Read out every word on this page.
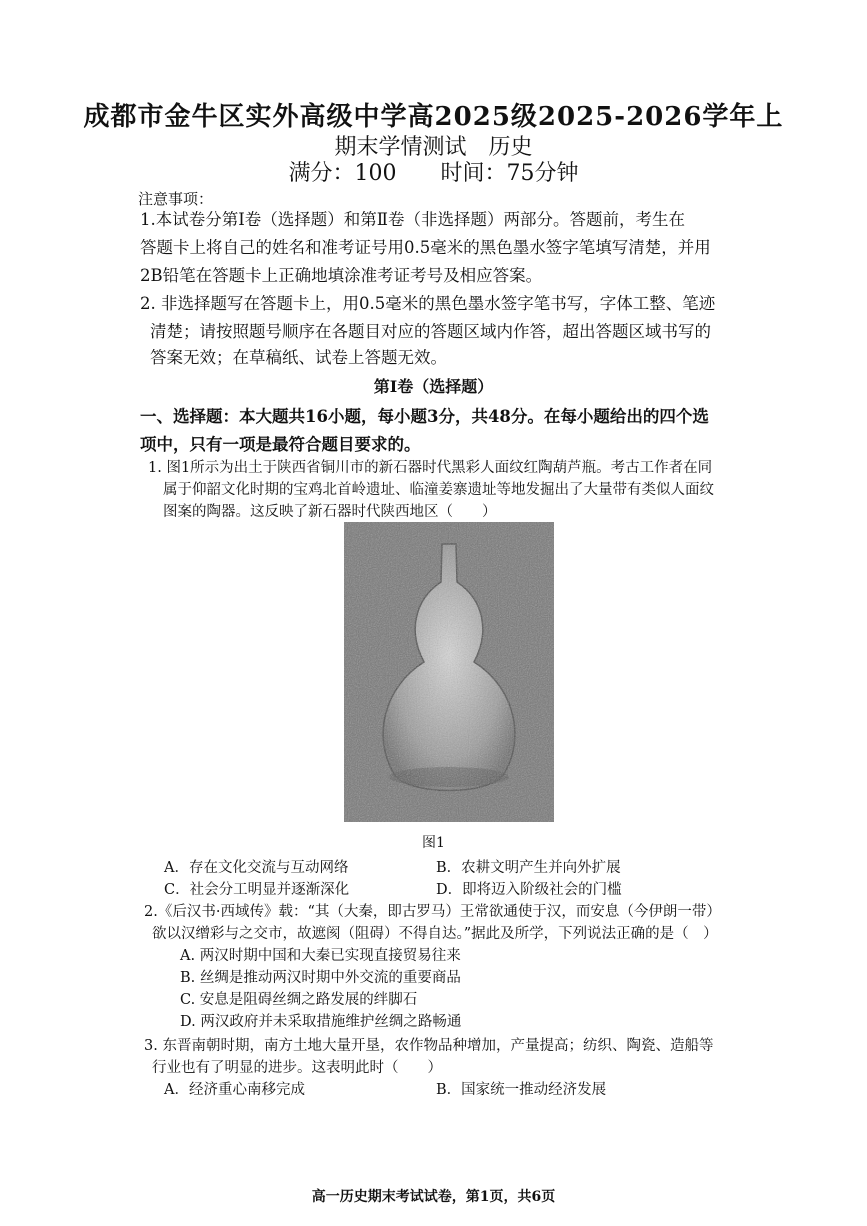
成都市金牛区实外高级中学高2025级2025-2026学年上
期末学情测试　历史
满分：100　　时间：75分钟
注意事项：
1.本试卷分第Ⅰ卷（选择题）和第Ⅱ卷（非选择题）两部分。答题前，考生在
答题卡上将自己的姓名和准考证号用0.5毫米的黑色墨水签字笔填写清楚，并用
2B铅笔在答题卡上正确地填涂准考证考号及相应答案。
2. 非选择题写在答题卡上，用0.5毫米的黑色墨水签字笔书写，字体工整、笔迹
清楚；请按照题号顺序在各题目对应的答题区域内作答，超出答题区域书写的
答案无效；在草稿纸、试卷上答题无效。
第Ⅰ卷（选择题）
一、选择题：本大题共16小题，每小题3分，共48分。在每小题给出的四个选
项中，只有一项是最符合题目要求的。
1. 图1所示为出土于陕西省铜川市的新石器时代黑彩人面纹红陶葫芦瓶。考古工作者在同
属于仰韶文化时期的宝鸡北首岭遗址、临潼姜寨遗址等地发掘出了大量带有类似人面纹
图案的陶器。这反映了新石器时代陕西地区（　　）
图1
A．存在文化交流与互动网络	B．农耕文明产生并向外扩展
C．社会分工明显并逐渐深化	D．即将迈入阶级社会的门槛
2.《后汉书·西域传》载：“其（大秦，即古罗马）王常欲通使于汉，而安息（今伊朗一带）
欲以汉缯彩与之交市，故遮阂（阻碍）不得自达。”据此及所学，下列说法正确的是（　）
A. 两汉时期中国和大秦已实现直接贸易往来
B. 丝绸是推动两汉时期中外交流的重要商品
C. 安息是阻碍丝绸之路发展的绊脚石
D. 两汉政府并未采取措施维护丝绸之路畅通
3. 东晋南朝时期，南方土地大量开垦，农作物品种增加，产量提高；纺织、陶瓷、造船等
行业也有了明显的进步。这表明此时（　　）
A．经济重心南移完成	B．国家统一推动经济发展
高一历史期末考试试卷，第1页，共6页
